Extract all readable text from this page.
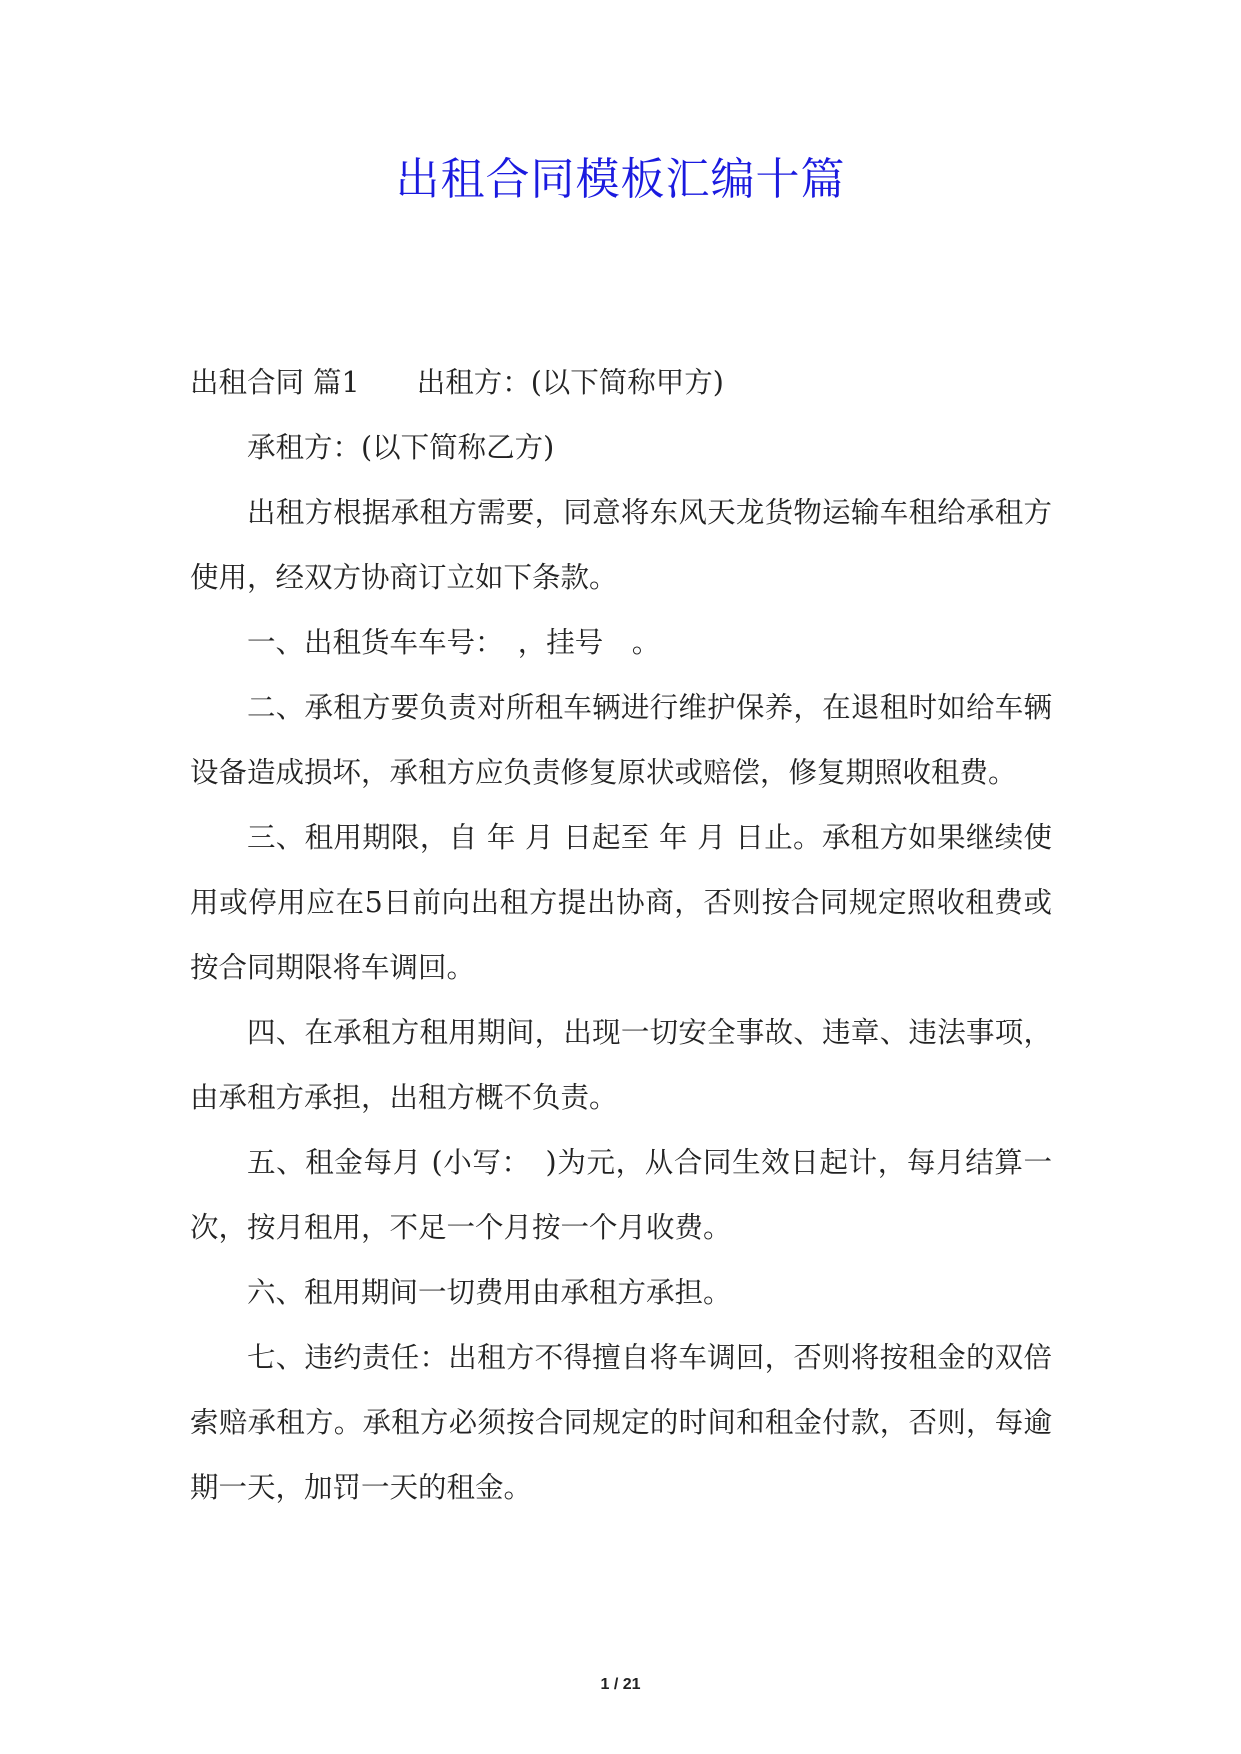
出租合同模板汇编十篇

出租合同 篇1　　出租方：(以下简称甲方)

承租方：(以下简称乙方)

出租方根据承租方需要，同意将东风天龙货物运输车租给承租方使用，经双方协商订立如下条款。

一、出租货车车号：　，挂号　。

二、承租方要负责对所租车辆进行维护保养，在退租时如给车辆设备造成损坏，承租方应负责修复原状或赔偿，修复期照收租费。

三、租用期限，自 年 月 日起至 年 月 日止。承租方如果继续使用或停用应在5日前向出租方提出协商，否则按合同规定照收租费或按合同期限将车调回。

四、在承租方租用期间，出现一切安全事故、违章、违法事项，由承租方承担，出租方概不负责。

五、租金每月 (小写：　)为元，从合同生效日起计，每月结算一次，按月租用，不足一个月按一个月收费。

六、租用期间一切费用由承租方承担。

七、违约责任：出租方不得擅自将车调回，否则将按租金的双倍索赔承租方。承租方必须按合同规定的时间和租金付款，否则，每逾期一天，加罚一天的租金。

1 / 21
